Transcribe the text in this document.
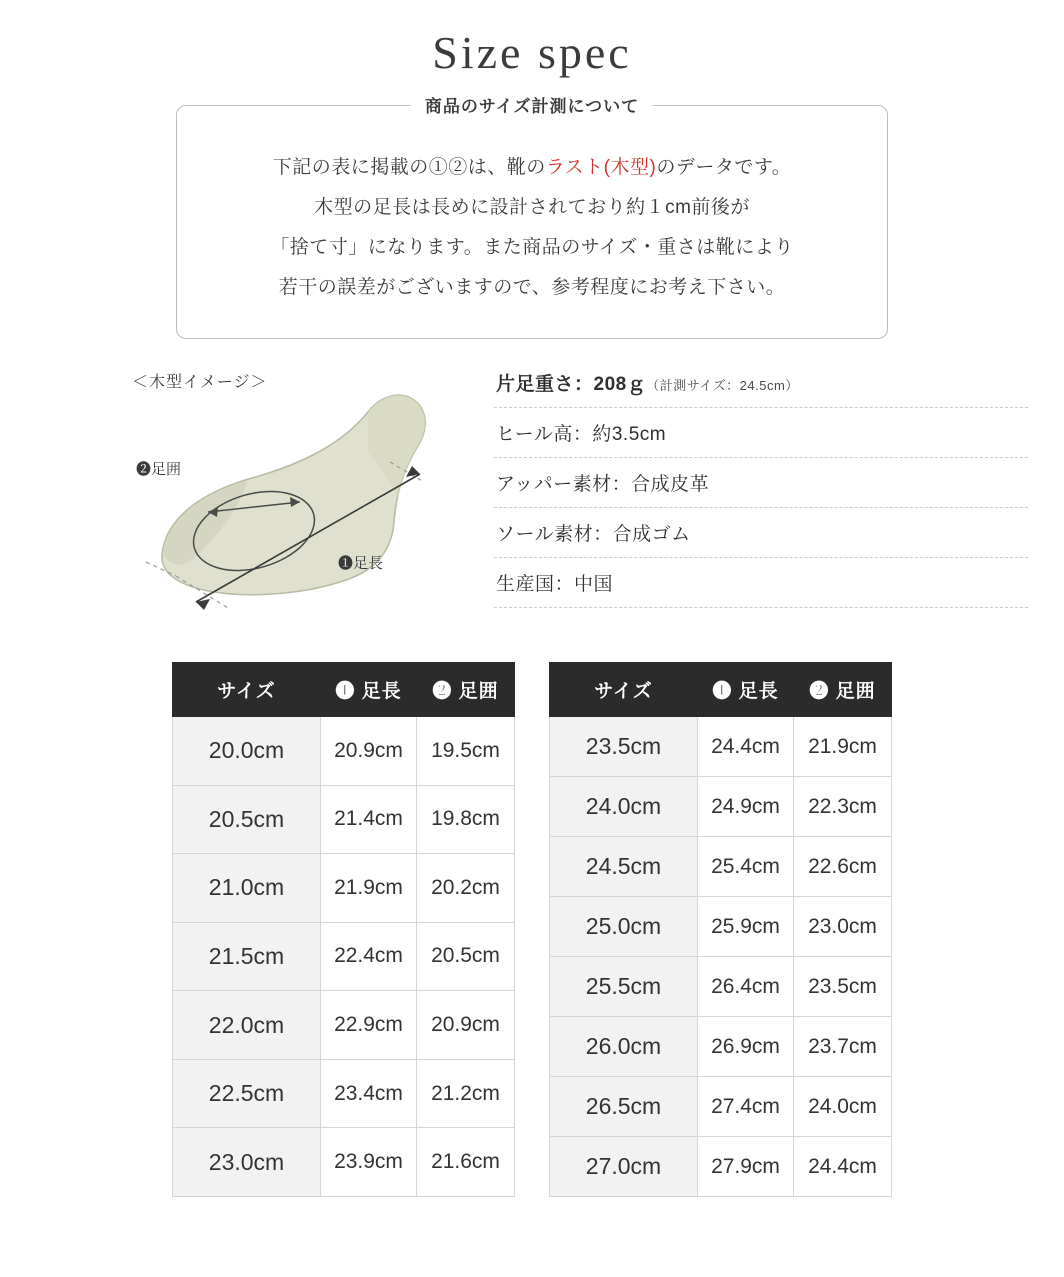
Size spec
商品のサイズ計測について
下記の表に掲載の①②は、靴のラスト(木型)のデータです。
木型の足長は長めに設計されており約１cm前後が
「捨て寸」になります。また商品のサイズ・重さは靴により
若干の誤差がございますので、参考程度にお考え下さい。
＜木型イメージ＞
❷足囲
❶足長
片足重さ：208ｇ（計測サイズ：24.5cm）
ヒール高：約3.5cm
アッパー素材：合成皮革
ソール素材：合成ゴム
生産国：中国
サイズ	❶ 足長	❷ 足囲
20.0cm	20.9cm	19.5cm
20.5cm	21.4cm	19.8cm
21.0cm	21.9cm	20.2cm
21.5cm	22.4cm	20.5cm
22.0cm	22.9cm	20.9cm
22.5cm	23.4cm	21.2cm
23.0cm	23.9cm	21.6cm
サイズ	❶ 足長	❷ 足囲
23.5cm	24.4cm	21.9cm
24.0cm	24.9cm	22.3cm
24.5cm	25.4cm	22.6cm
25.0cm	25.9cm	23.0cm
25.5cm	26.4cm	23.5cm
26.0cm	26.9cm	23.7cm
26.5cm	27.4cm	24.0cm
27.0cm	27.9cm	24.4cm
